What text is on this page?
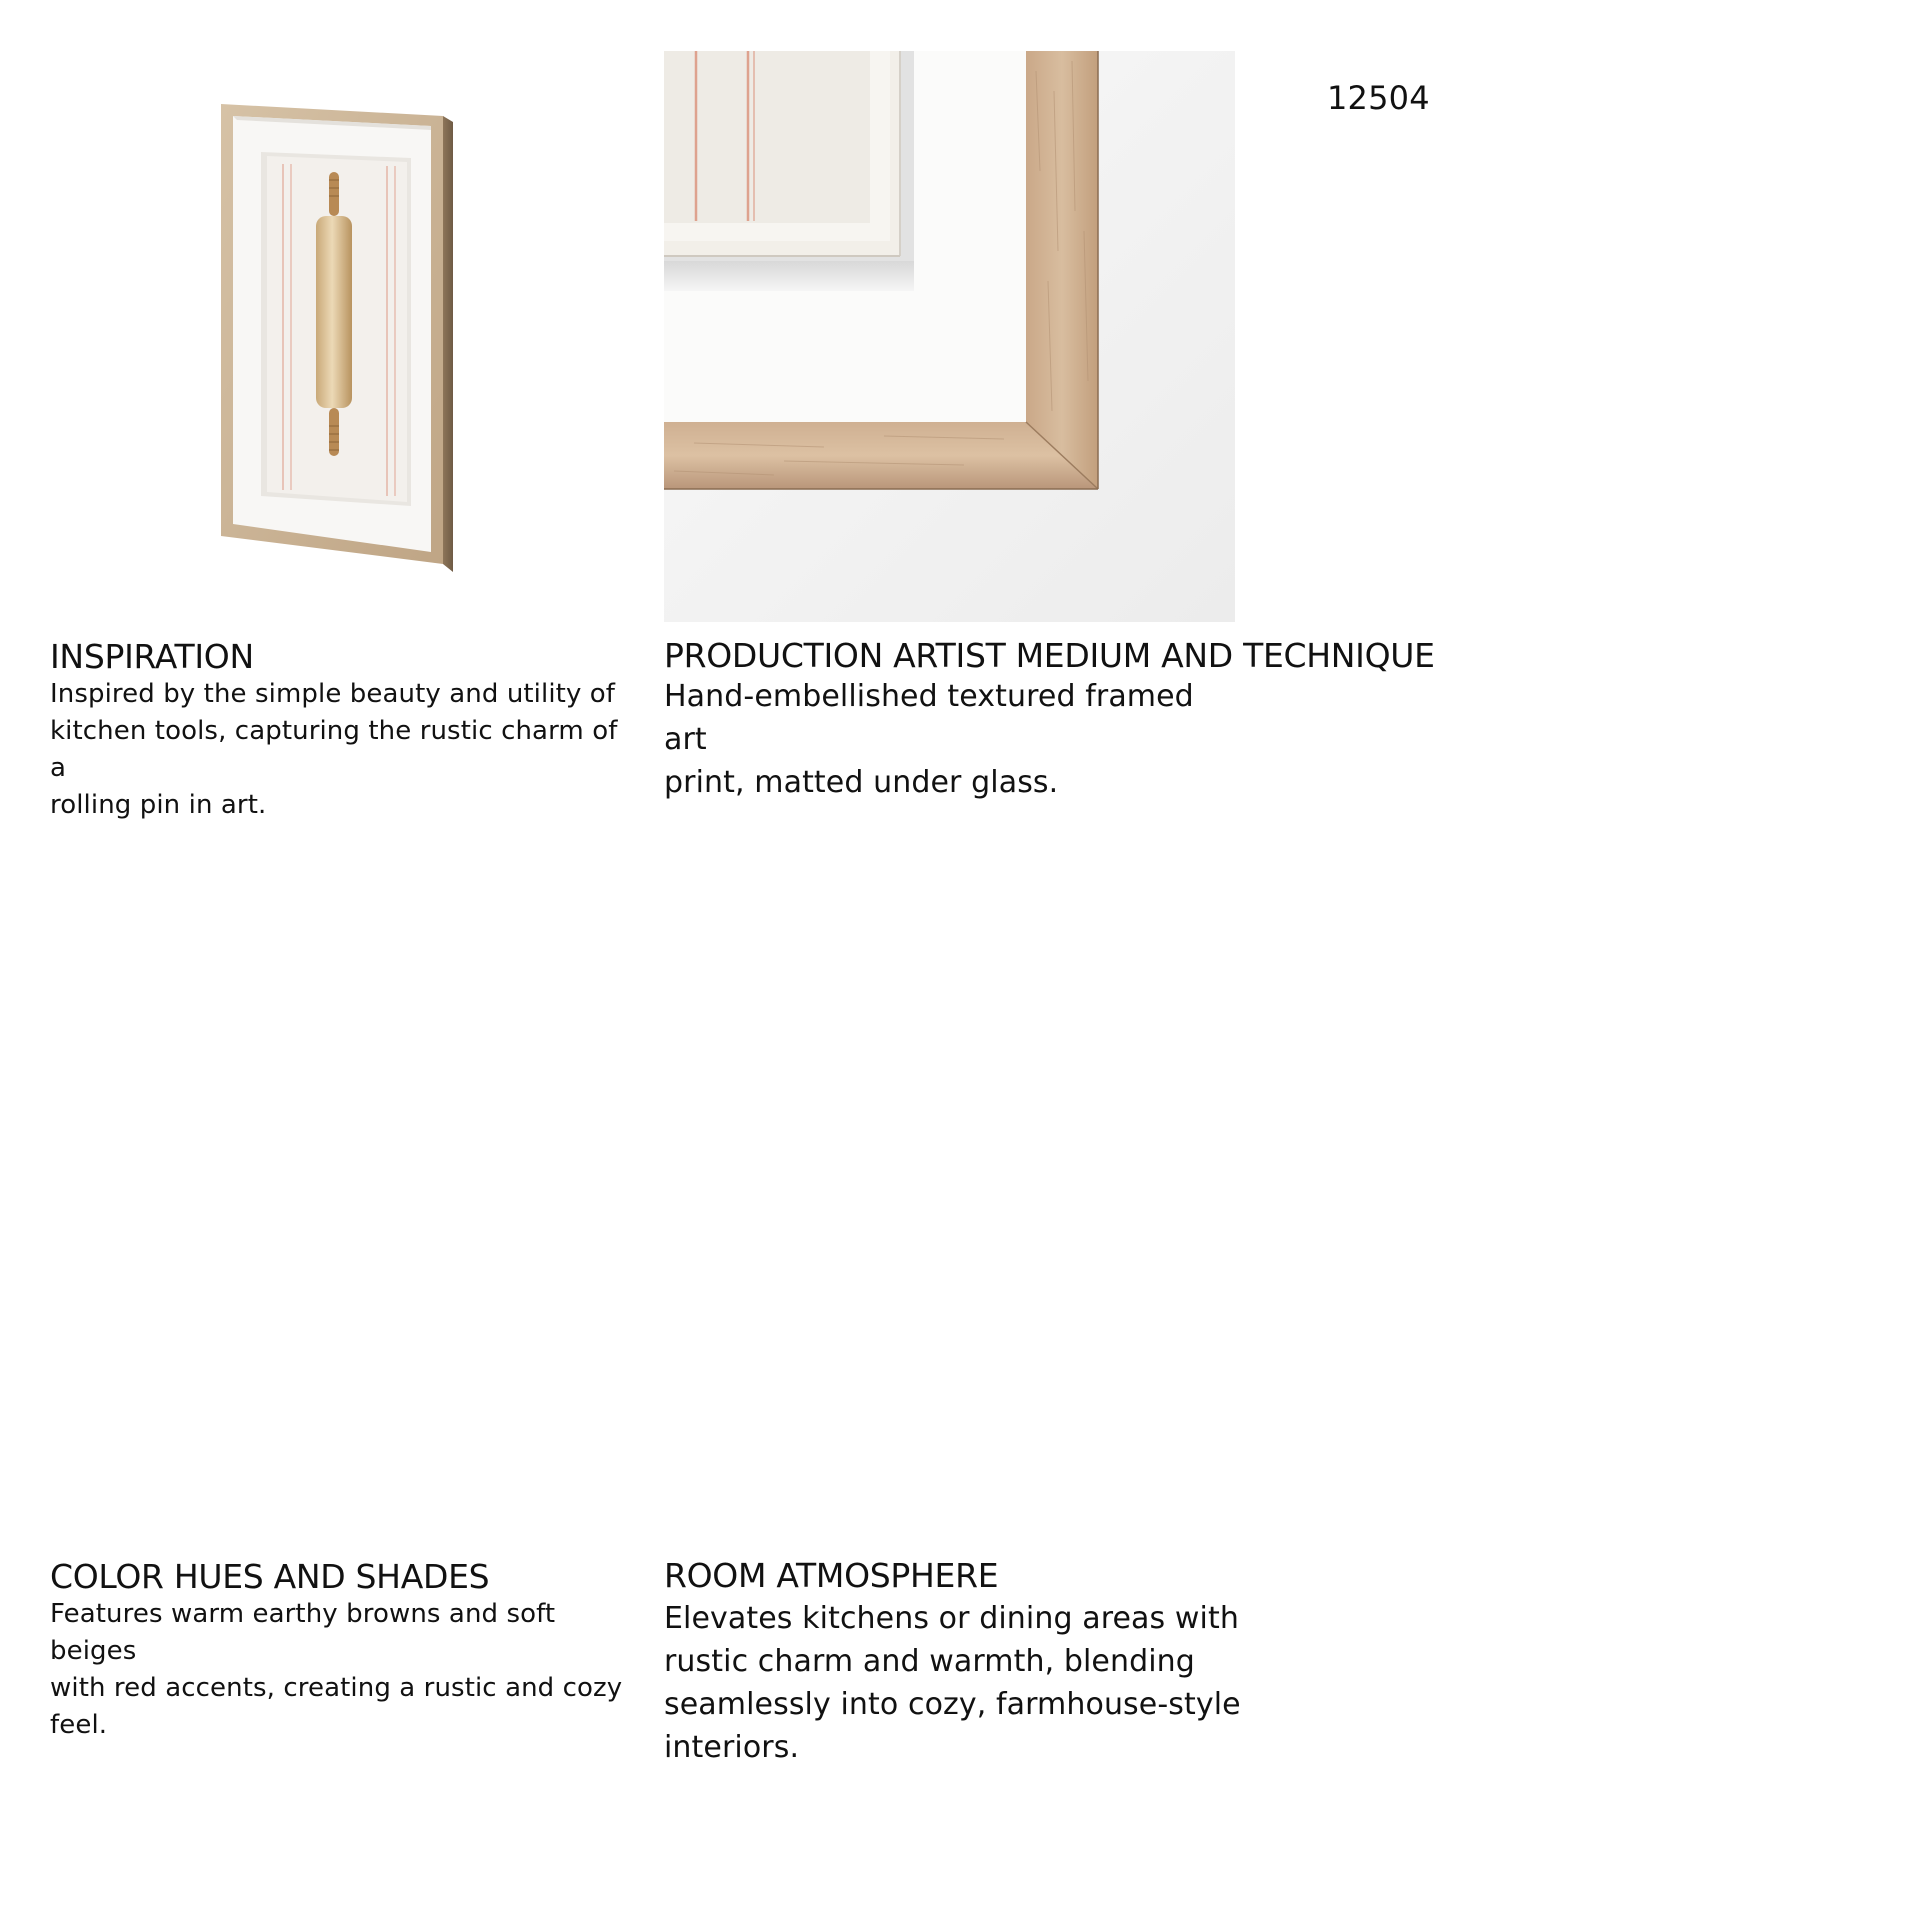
12504
INSPIRATION
Inspired by the simple beauty and utility of
kitchen tools, capturing the rustic charm of a
rolling pin in art.
PRODUCTION ARTIST MEDIUM AND TECHNIQUE
Hand-embellished textured framed art
print, matted under glass.
COLOR HUES AND SHADES
Features warm earthy browns and soft beiges
with red accents, creating a rustic and cozy
feel.
ROOM ATMOSPHERE
Elevates kitchens or dining areas with
rustic charm and warmth, blending
seamlessly into cozy, farmhouse-style
interiors.
